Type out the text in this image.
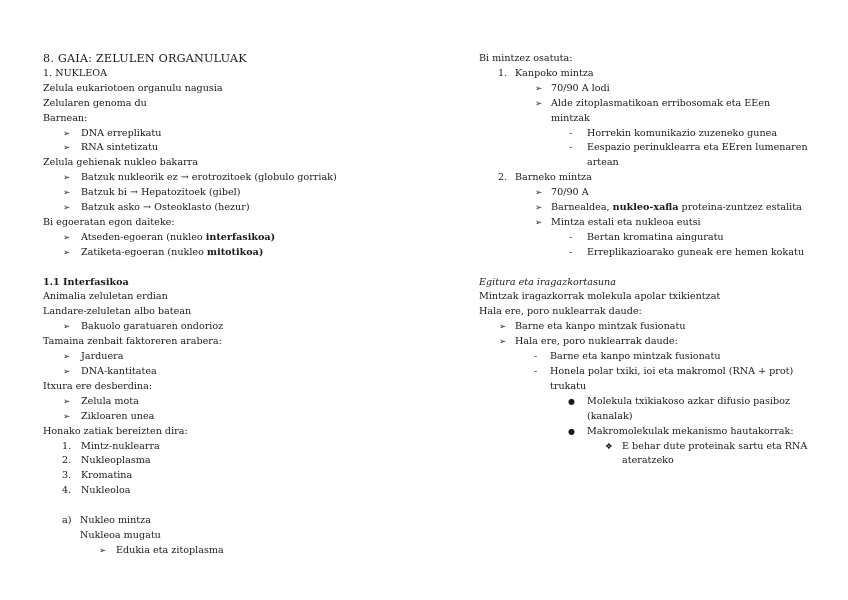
8. GAIA: ZELULEN ORGANULUAK
1. NUKLEOA
Zelula eukariotoen organulu nagusia
Zelularen genoma du
Barnean:
➢	DNA erreplikatu
➢	RNA sintetizatu
Zelula gehienak nukleo bakarra
➢	Batzuk nukleorik ez → erotrozitoek (globulo gorriak)
➢	Batzuk bi → Hepatozitoek (gibel)
➢	Batzuk asko → Osteoklasto (hezur)
Bi egoeratan egon daiteke:
➢	Atseden-egoeran (nukleo interfasikoa)
➢	Zatiketa-egoeran (nukleo mitotikoa)
1.1 Interfasikoa
Animalia zeluletan erdian
Landare-zeluletan albo batean
➢	Bakuolo garatuaren ondorioz
Tamaina zenbait faktoreren arabera:
➢	Jarduera
➢	DNA-kantitatea
Itxura ere desberdina:
➢	Zelula mota
➢	Zikloaren unea
Honako zatiak bereizten dira:
1.	Mintz-nuklearra
2.	Nukleoplasma
3.	Kromatina
4.	Nukleoloa
a) Nukleo mintza
Nukleoa mugatu
➢	Edukia eta zitoplasma
Bi mintzez osatuta:
1. Kanpoko mintza
➢ 70/90 A lodi
➢ Alde zitoplasmatikoan erribosomak eta EEen mintzak
-	Horrekin komunikazio zuzeneko gunea
-	Eespazio perinuklearra eta EEren lumenaren artean
2. Barneko mintza
➢ 70/90 A
➢ Barnealdea, nukleo-xafla proteina-zuntzez estalita
➢ Mintza estali eta nukleoa eutsi
-	Bertan kromatina ainguratu
-	Erreplikazioarako guneak ere hemen kokatu
Egitura eta iragazkortasuna
Mintzak iragazkorrak molekula apolar txikientzat
Hala ere, poro nuklearrak daude:
➢ Barne eta kanpo mintzak fusionatu
➢ Hala ere, poro nuklearrak daude:
-	Barne eta kanpo mintzak fusionatu
-	Honela polar txiki, ioi eta makromol (RNA + prot) trukatu
●	Molekula txikiakoso azkar difusio pasiboz (kanalak)
●	Makromolekulak mekanismo hautakorrak:
❖ E behar dute proteinak sartu eta RNA ateratzeko
